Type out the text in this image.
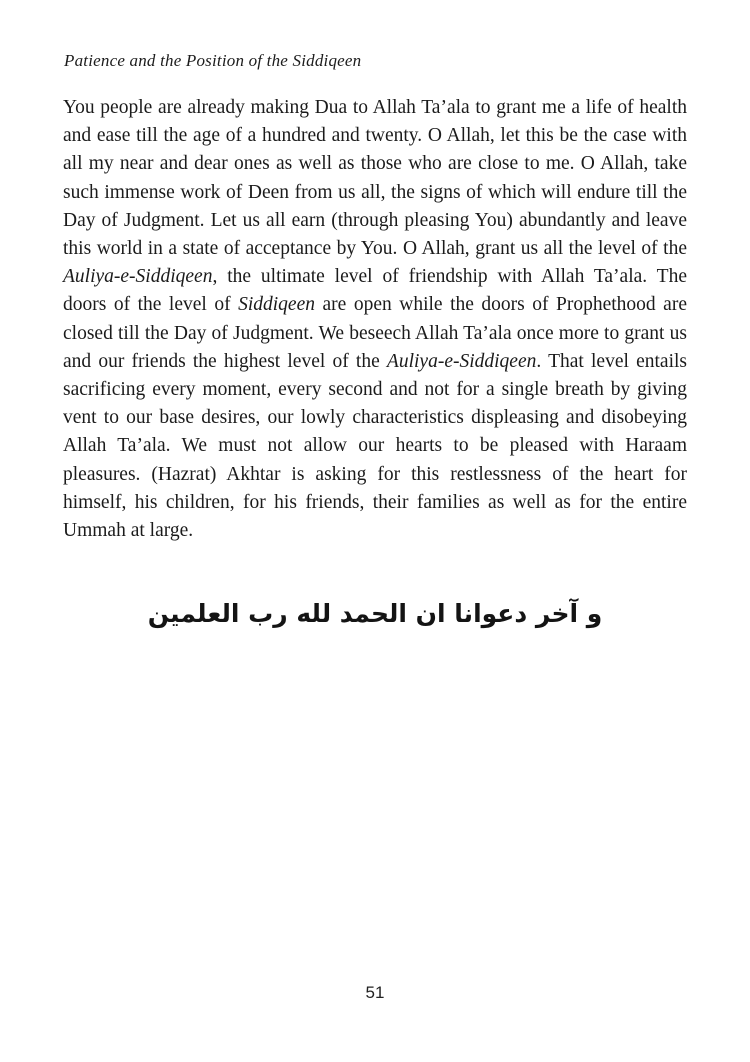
Patience and the Position of the Siddiqeen
You people are already making Dua to Allah Ta’ala to grant me a life of health and ease till the age of a hundred and twenty. O Allah, let this be the case with all my near and dear ones as well as those who are close to me. O Allah, take such immense work of Deen from us all, the signs of which will endure till the Day of Judgment. Let us all earn (through pleasing You) abundantly and leave this world in a state of acceptance by You. O Allah, grant us all the level of the Auliya-e-Siddiqeen, the ultimate level of friendship with Allah Ta’ala. The doors of the level of Siddiqeen are open while the doors of Prophethood are closed till the Day of Judgment. We beseech Allah Ta’ala once more to grant us and our friends the highest level of the Auliya-e-Siddiqeen. That level entails sacrificing every moment, every second and not for a single breath by giving vent to our base desires, our lowly characteristics displeasing and disobeying Allah Ta’ala. We must not allow our hearts to be pleased with Haraam pleasures. (Hazrat) Akhtar is asking for this restlessness of the heart for himself, his children, for his friends, their families as well as for the entire Ummah at large.
و آخر دعوانا ان الحمد لله رب العلمين
51
